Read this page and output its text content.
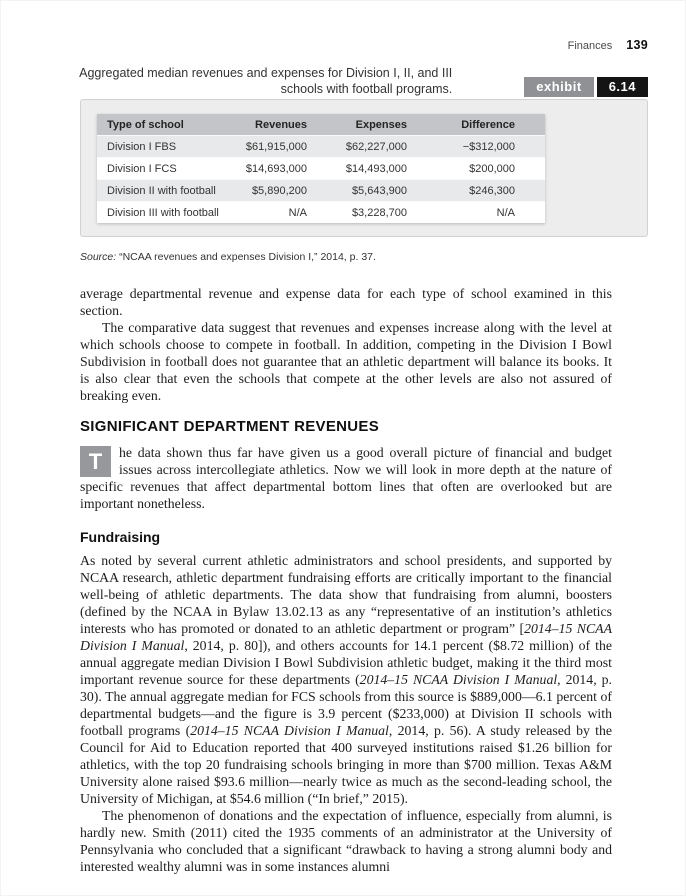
Finances 139
Aggregated median revenues and expenses for Division I, II, and III
schools with football programs.	exhibit	6.14
Type of school	Revenues	Expenses	Difference
Division I FBS	$61,915,000	$62,227,000	−$312,000
Division I FCS	$14,693,000	$14,493,000	$200,000
Division II with football	$5,890,200	$5,643,900	$246,300
Division III with football	N/A	$3,228,700	N/A
Source: “NCAA revenues and expenses Division I,” 2014, p. 37.

average departmental revenue and expense data for each type of school examined in this section.

The comparative data suggest that revenues and expenses increase along with the level at which schools choose to compete in football. In addition, competing in the Division I Bowl Subdivision in football does not guarantee that an athletic department will balance its books. It is also clear that even the schools that compete at the other levels are also not assured of breaking even.

SIGNIFICANT DEPARTMENT REVENUES

T	he data shown thus far have given us a good overall picture of financial and budget issues across intercollegiate athletics. Now we will look in more depth at the nature of specific revenues that affect departmental bottom lines that often are overlooked but are important nonetheless.

Fundraising

As noted by several current athletic administrators and school presidents, and supported by NCAA research, athletic department fundraising efforts are critically important to the financial well-being of athletic departments. The data show that fundraising from alumni, boosters (defined by the NCAA in Bylaw 13.02.13 as any “representative of an institution’s athletics interests who has promoted or donated to an athletic department or program” [2014–15 NCAA Division I Manual, 2014, p. 80]), and others accounts for 14.1 percent ($8.72 million) of the annual aggregate median Division I Bowl Subdivision athletic budget, making it the third most important revenue source for these departments (2014–15 NCAA Division I Manual, 2014, p. 30). The annual aggregate median for FCS schools from this source is $889,000—6.1 percent of departmental budgets—and the figure is 3.9 percent ($233,000) at Division II schools with football programs (2014–15 NCAA Division I Manual, 2014, p. 56). A study released by the Council for Aid to Education reported that 400 surveyed institutions raised $1.26 billion for athletics, with the top 20 fundraising schools bringing in more than $700 million. Texas A&M University alone raised $93.6 million—nearly twice as much as the second-leading school, the University of Michigan, at $54.6 million (“In brief,” 2015).

The phenomenon of donations and the expectation of influence, especially from alumni, is hardly new. Smith (2011) cited the 1935 comments of an administrator at the University of Pennsylvania who concluded that a significant “drawback to having a strong alumni body and interested wealthy alumni was in some instances alumni
